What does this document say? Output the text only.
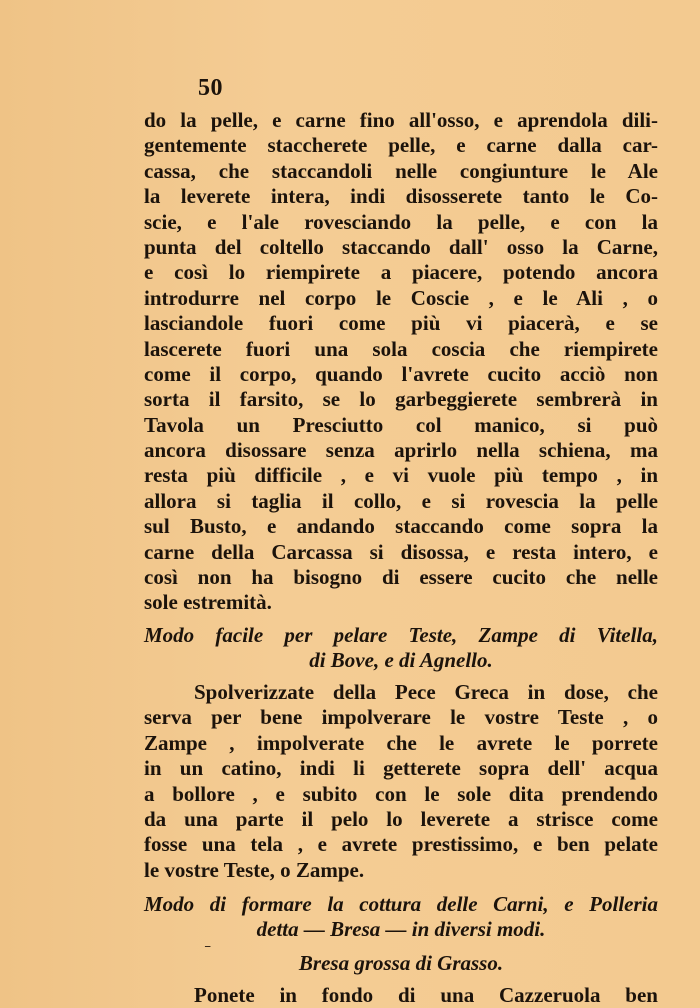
50
do la pelle, e carne fino all'osso, e aprendola dili-
gentemente staccherete pelle, e carne dalla car-
cassa, che staccandoli nelle congiunture le Ale
la leverete intera, indi disosserete tanto le Co-
scie, e l'ale rovesciando la pelle, e con la
punta del coltello staccando dall' osso la Carne,
e così lo riempirete a piacere, potendo ancora
introdurre nel corpo le Coscie , e le Ali , o
lasciandole fuori come più vi piacerà, e se
lascerete fuori una sola coscia che riempirete
come il corpo, quando l'avrete cucito acciò non
sorta il farsito, se lo garbeggierete sembrerà in
Tavola un Presciutto col manico, si può
ancora disossare senza aprirlo nella schiena, ma
resta più difficile , e vi vuole più tempo , in
allora si taglia il collo, e si rovescia la pelle
sul Busto, e andando staccando come sopra la
carne della Carcassa si disossa, e resta intero, e
così non ha bisogno di essere cucito che nelle
sole estremità.
Modo facile per pelare Teste, Zampe di Vitella,
di Bove, e di Agnello.
Spolverizzate della Pece Greca in dose, che
serva per bene impolverare le vostre Teste , o
Zampe , impolverate che le avrete le porrete
in un catino, indi li getterete sopra dell' acqua
a bollore , e subito con le sole dita prendendo
da una parte il pelo lo leverete a strisce come
fosse una tela , e avrete prestissimo, e ben pelate
le vostre Teste, o Zampe.
Modo di formare la cottura delle Carni, e Polleria
detta — Bresa — in diversi modi.
⁻
Bresa grossa di Grasso.
Ponete in fondo di una Cazzeruola ben
